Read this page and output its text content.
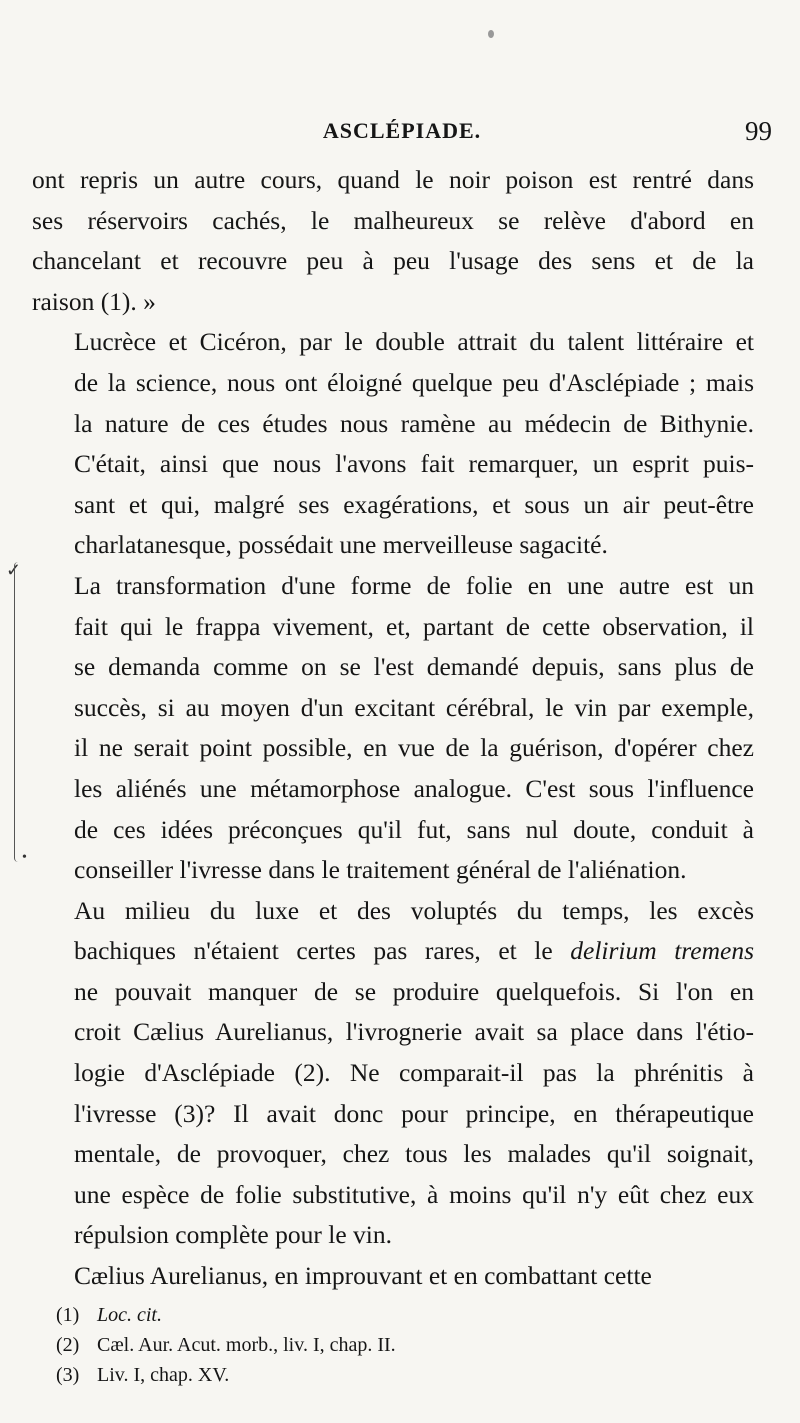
ASCLÉPIADE.	99
✓
•
ont repris un autre cours, quand le noir poison est rentré dans
ses réservoirs cachés, le malheureux se relève d'abord en
chancelant et recouvre peu à peu l'usage des sens et de la
raison (1). »
Lucrèce et Cicéron, par le double attrait du talent littéraire et
de la science, nous ont éloigné quelque peu d'Asclépiade ; mais
la nature de ces études nous ramène au médecin de Bithynie.
C'était, ainsi que nous l'avons fait remarquer, un esprit puis-
sant et qui, malgré ses exagérations, et sous un air peut-être
charlatanesque, possédait une merveilleuse sagacité.
La transformation d'une forme de folie en une autre est un
fait qui le frappa vivement, et, partant de cette observation, il
se demanda comme on se l'est demandé depuis, sans plus de
succès, si au moyen d'un excitant cérébral, le vin par exemple,
il ne serait point possible, en vue de la guérison, d'opérer chez
les aliénés une métamorphose analogue. C'est sous l'influence
de ces idées préconçues qu'il fut, sans nul doute, conduit à
conseiller l'ivresse dans le traitement général de l'aliénation.
Au milieu du luxe et des voluptés du temps, les excès
bachiques n'étaient certes pas rares, et le delirium tremens
ne pouvait manquer de se produire quelquefois. Si l'on en
croit Cælius Aurelianus, l'ivrognerie avait sa place dans l'étio-
logie d'Asclépiade (2). Ne comparait-il pas la phrénitis à
l'ivresse (3)? Il avait donc pour principe, en thérapeutique
mentale, de provoquer, chez tous les malades qu'il soignait,
une espèce de folie substitutive, à moins qu'il n'y eût chez eux
répulsion complète pour le vin.
Cælius Aurelianus, en improuvant et en combattant cette
(1) Loc. cit.
(2) Cæl. Aur. Acut. morb., liv. I, chap. II.
(3) Liv. I, chap. XV.
